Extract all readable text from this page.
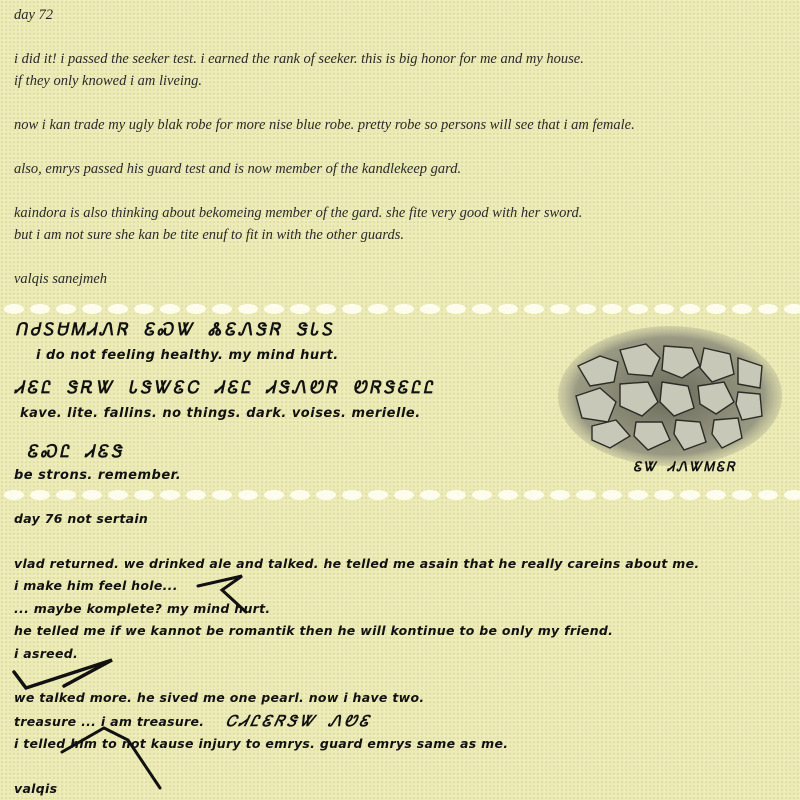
day 72

i did it! i passed the seeker test. i earned the rank of seeker. this is big honor for me and my house.

if they only knowed i am liveing.

now i kan trade my ugly blak robe for more nise blue robe. pretty robe so persons will see that i am female.

also, emrys passed his guard test and is now member of the kandlekeep gard.

kaindora is also thinking about bekomeing member of the gard. she fite very good with her sword.

but i am not sure she kan be tite enuf to fit in with the other guards.

valqis sanejmeh

ᑎᏧᏚᏌᎷᏗᏁᏒ ᏋᏍᏔ ᏜᏋᏁᏕᏒ ᏕᏓᏚ
i do not feeling healthy. my mind hurt.
ᏗᏋᏝ ᏕᎡᏔ ᏓᏕᏔᏋᏟ ᏗᏋᏝ ᏗᏕᏁᏬᏒ ᏬᏒᏕᏋᏝᏝ
kave. lite. fallins. no things. dark. voises. merielle.
ᏋᏍᏝ ᏗᏋᏕ
be strons. remember.
ᏋᏔ ᏗᏁᏔᎷᏋᏒ

day 76 not sertain

vlad returned. we drinked ale and talked. he telled me asain that he really careins about me.

i make him feel hole...

... maybe komplete? my mind hurt.

he telled me if we kannot be romantik then he will kontinue to be only my friend.

i asreed.

we talked more. he sived me one pearl. now i have two.

treasure ... i am treasure. ᏟᏗᏝᏋᏒᏕᏔ ᏁᏬᏋ

i telled him to not kause injury to emrys. guard emrys same as me.

valqis
